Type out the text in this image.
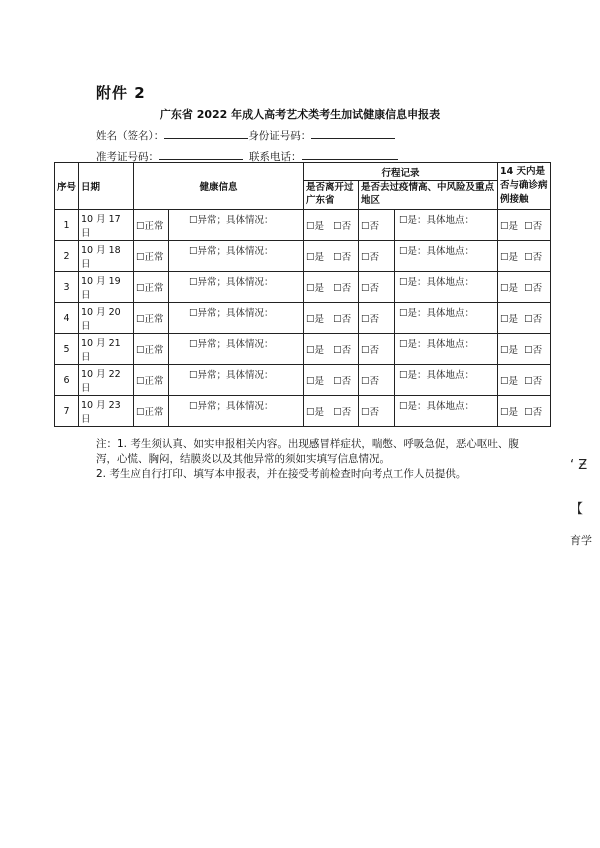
附件 2
广东省 2022 年成人高考艺术类考生加试健康信息申报表
姓名（签名）：	身份证号码：
准考证号码：	联系电话：
序号	日期	健康信息		行程记录			14 天内是否与确诊病例接触
				是否离开过广东省	是否去过疫情高、中风险及重点地区		
1	10 月 17 日	☐正常	☐异常；具体情况：	☐是 ☐否	☐否	☐是：具体地点：	☐是 ☐否
2	10 月 18 日	☐正常	☐异常；具体情况：	☐是 ☐否	☐否	☐是：具体地点：	☐是 ☐否
3	10 月 19 日	☐正常	☐异常；具体情况：	☐是 ☐否	☐否	☐是：具体地点：	☐是 ☐否
4	10 月 20 日	☐正常	☐异常；具体情况：	☐是 ☐否	☐否	☐是：具体地点：	☐是 ☐否
5	10 月 21 日	☐正常	☐异常；具体情况：	☐是 ☐否	☐否	☐是：具体地点：	☐是 ☐否
6	10 月 22 日	☐正常	☐异常；具体情况：	☐是 ☐否	☐否	☐是：具体地点：	☐是 ☐否
7	10 月 23 日	☐正常	☐异常；具体情况：	☐是 ☐否	☐否	☐是：具体地点：	☐是 ☐否

注：1. 考生须认真、如实申报相关内容。出现感冒样症状，喘憋、呼吸急促，恶心呕吐、腹泻，心慌、胸闷，结膜炎以及其他异常的须如实填写信息情况。

2. 考生应自行打印、填写本申报表，并在接受考前检查时向考点工作人员提供。

‘ Ƶ
【
育学
